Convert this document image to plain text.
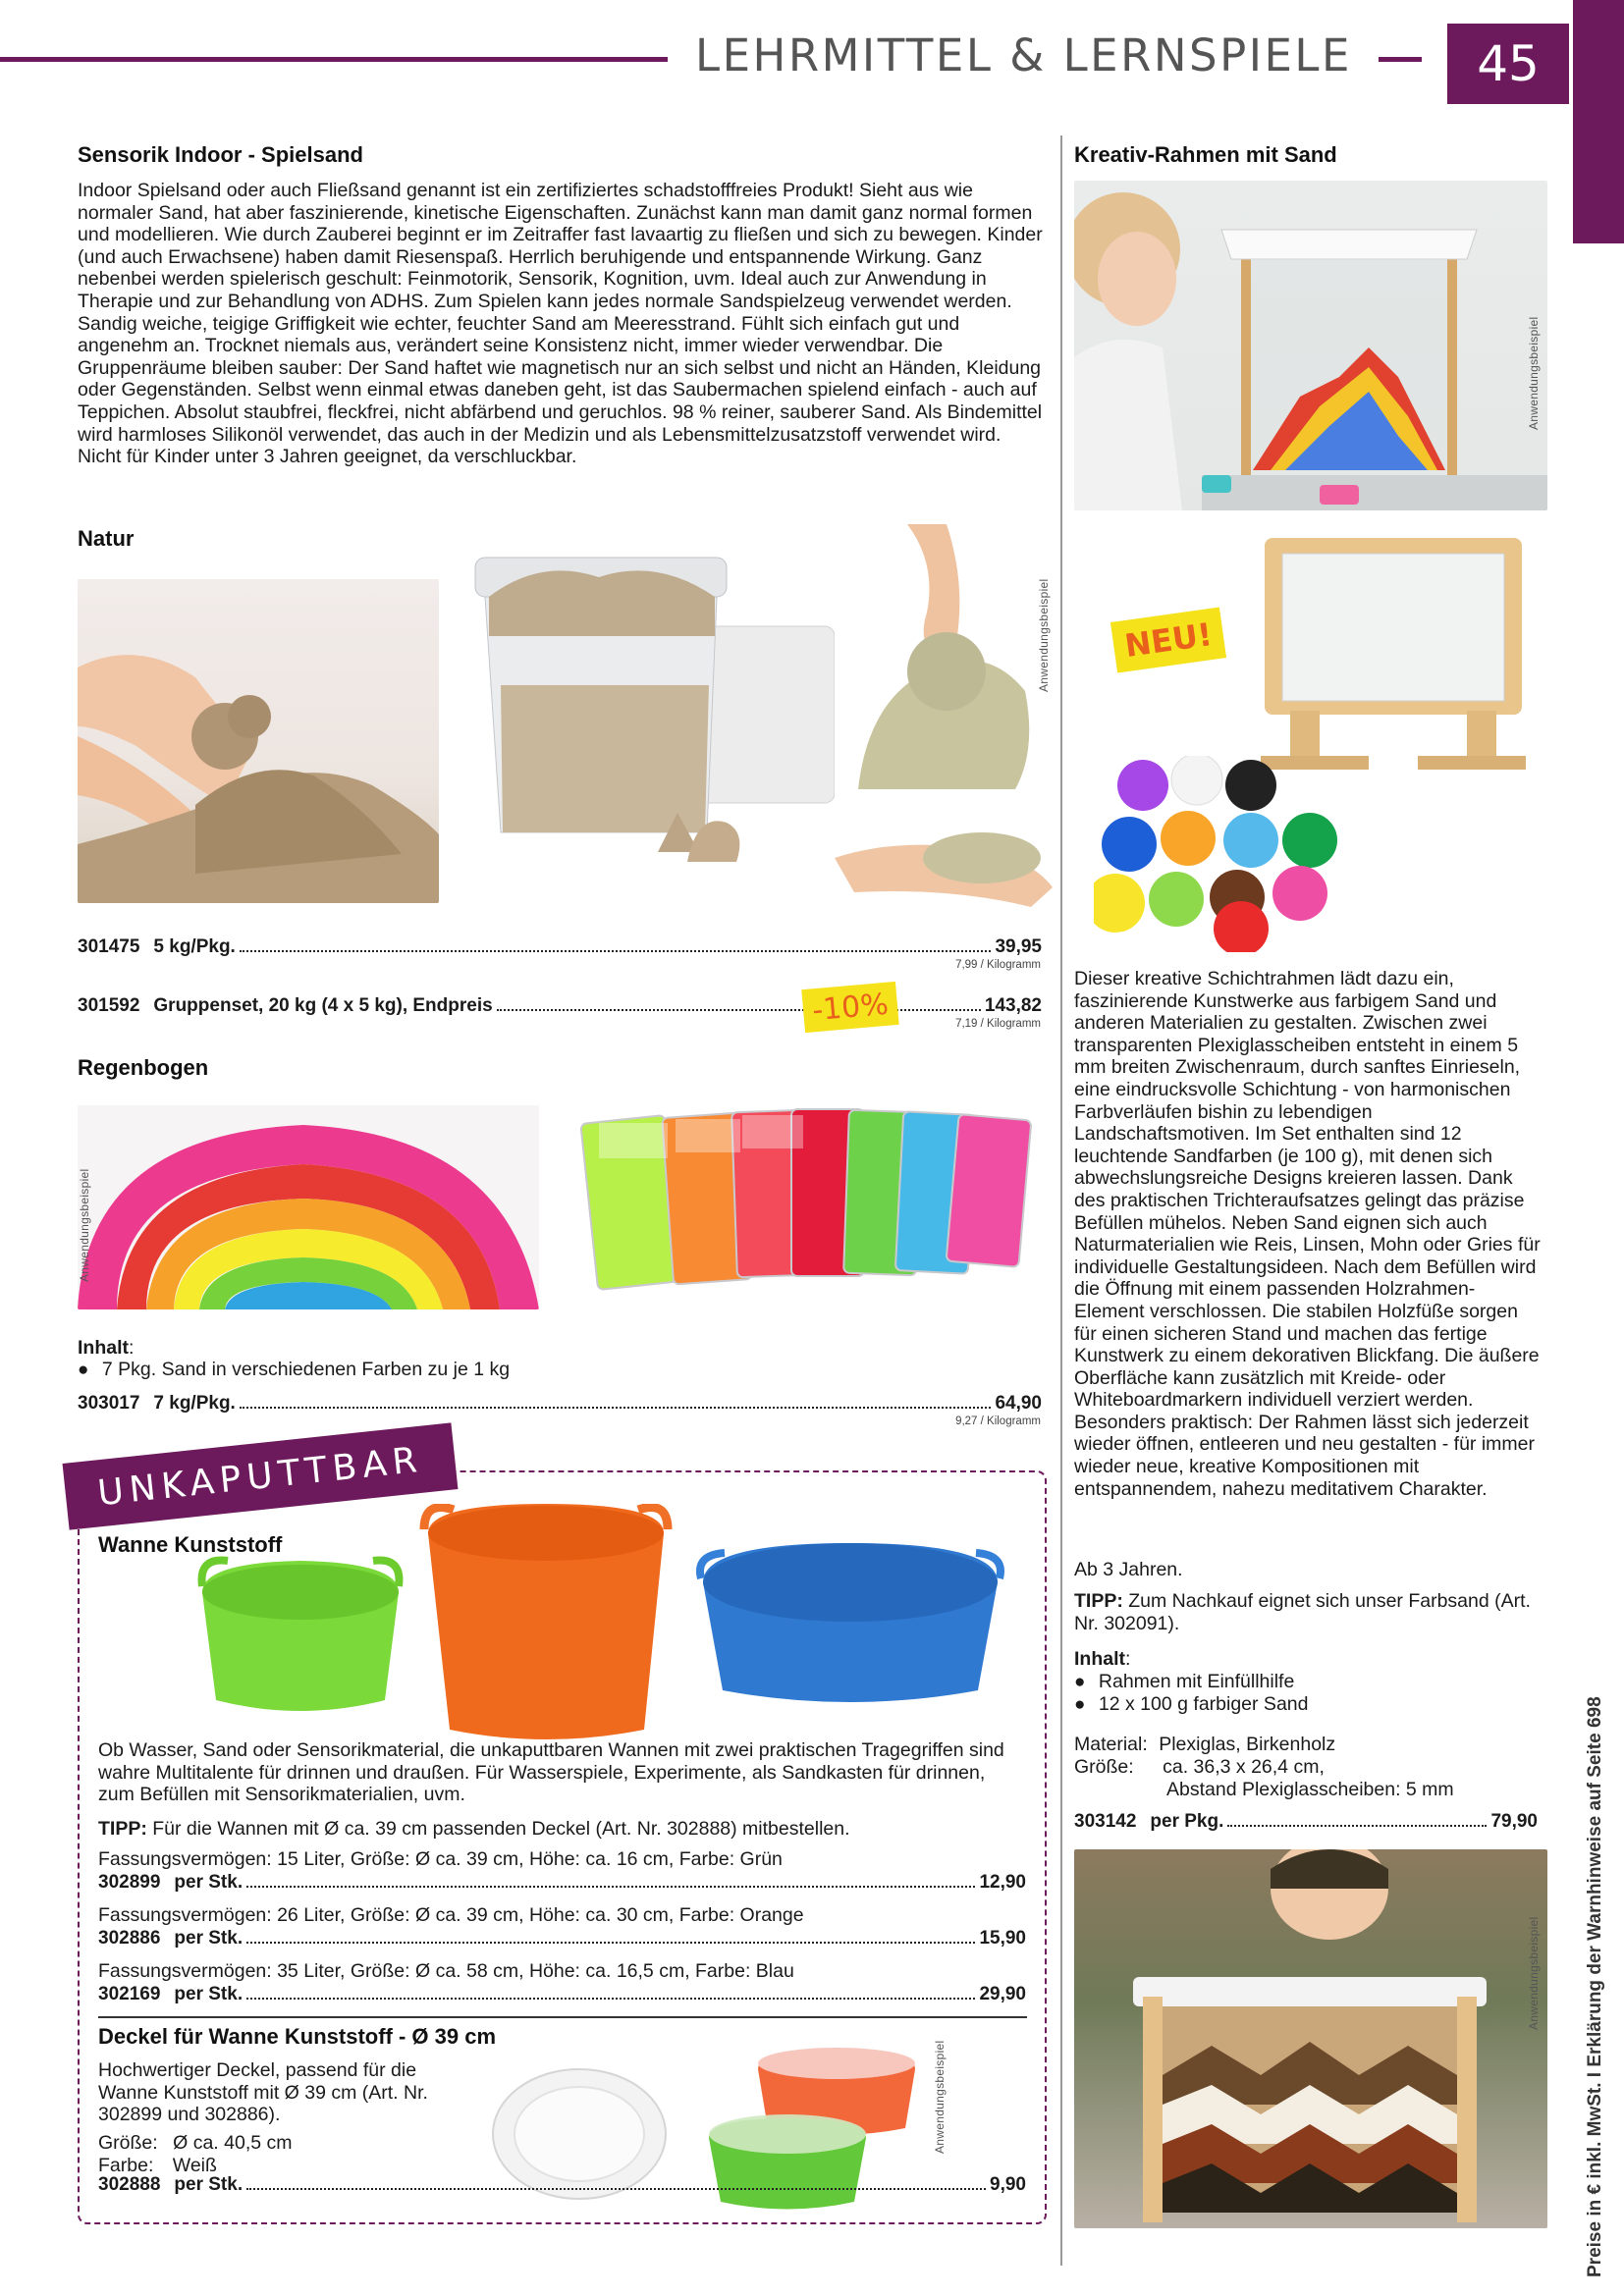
LEHRMITTEL & LERNSPIELE	45
Preise in € inkl. MwSt. I Erklärung der Warnhinweise auf Seite 698
Sensorik Indoor - Spielsand
Indoor Spielsand oder auch Fließsand genannt ist ein zertifiziertes schadstofffreies Produkt! Sieht aus wie normaler Sand, hat aber faszinierende, kinetische Eigenschaften. Zunächst kann man damit ganz normal formen und modellieren. Wie durch Zauberei beginnt er im Zeitraffer fast lavaartig zu fließen und sich zu bewegen. Kinder (und auch Erwachsene) haben damit Riesenspaß. Herrlich beruhigende und entspannende Wirkung. Ganz nebenbei werden spielerisch geschult: Feinmotorik, Sensorik, Kognition, uvm. Ideal auch zur Anwendung in Therapie und zur Behandlung von ADHS. Zum Spielen kann jedes normale Sandspielzeug verwendet werden. Sandig weiche, teigige Griffigkeit wie echter, feuchter Sand am Meeresstrand. Fühlt sich einfach gut und angenehm an. Trocknet niemals aus, verändert seine Konsistenz nicht, immer wieder verwendbar. Die Gruppenräume bleiben sauber: Der Sand haftet wie magnetisch nur an sich selbst und nicht an Händen, Kleidung oder Gegenständen. Selbst wenn einmal etwas daneben geht, ist das Saubermachen spielend einfach - auch auf Teppichen. Absolut staubfrei, fleckfrei, nicht abfärbend und geruchlos. 98 % reiner, sauberer Sand. Als Bindemittel wird harmloses Silikonöl verwendet, das auch in der Medizin und als Lebensmittelzusatzstoff verwendet wird. Nicht für Kinder unter 3 Jahren geeignet, da verschluckbar.
Natur
Anwendungsbeispiel
301475 5 kg/Pkg.	39,95
7,99 / Kilogramm
301592 Gruppenset, 20 kg (4 x 5 kg), Endpreis	143,82
-10%	7,19 / Kilogramm
Regenbogen
Anwendungsbeispiel
Inhalt:
● 7 Pkg. Sand in verschiedenen Farben zu je 1 kg
303017 7 kg/Pkg.	64,90
9,27 / Kilogramm
UNKAPUTTBAR
Wanne Kunststoff
Ob Wasser, Sand oder Sensorikmaterial, die unkaputtbaren Wannen mit zwei praktischen Tragegriffen sind wahre Multitalente für drinnen und draußen. Für Wasserspiele, Experimente, als Sandkasten für drinnen, zum Befüllen mit Sensorikmaterialien, uvm.
TIPP: Für die Wannen mit Ø ca. 39 cm passenden Deckel (Art. Nr. 302888) mitbestellen.
Fassungsvermögen: 15 Liter, Größe: Ø ca. 39 cm, Höhe: ca. 16 cm, Farbe: Grün
302899 per Stk.	12,90
Fassungsvermögen: 26 Liter, Größe: Ø ca. 39 cm, Höhe: ca. 30 cm, Farbe: Orange
302886 per Stk.	15,90
Fassungsvermögen: 35 Liter, Größe: Ø ca. 58 cm, Höhe: ca. 16,5 cm, Farbe: Blau
302169 per Stk.	29,90
Deckel für Wanne Kunststoff - Ø 39 cm
Hochwertiger Deckel, passend für die Wanne Kunststoff mit Ø 39 cm (Art. Nr. 302899 und 302886).
Größe: Ø ca. 40,5 cm
Farbe: Weiß
Anwendungsbeispiel
302888 per Stk.	9,90
Kreativ-Rahmen mit Sand
Anwendungsbeispiel
NEU!
Dieser kreative Schichtrahmen lädt dazu ein, faszinierende Kunstwerke aus farbigem Sand und anderen Materialien zu gestalten. Zwischen zwei transparenten Plexiglasscheiben entsteht in einem 5 mm breiten Zwischenraum, durch sanftes Einrieseln, eine eindrucksvolle Schichtung - von harmonischen Farbverläufen bishin zu lebendigen Landschaftsmotiven. Im Set enthalten sind 12 leuchtende Sandfarben (je 100 g), mit denen sich abwechslungsreiche Designs kreieren lassen. Dank des praktischen Trichteraufsatzes gelingt das präzise Befüllen mühelos. Neben Sand eignen sich auch Naturmaterialien wie Reis, Linsen, Mohn oder Gries für individuelle Gestaltungsideen. Nach dem Befüllen wird die Öffnung mit einem passenden Holzrahmen-Element verschlossen. Die stabilen Holzfüße sorgen für einen sicheren Stand und machen das fertige Kunstwerk zu einem dekorativen Blickfang. Die äußere Oberfläche kann zusätzlich mit Kreide- oder Whiteboardmarkern individuell verziert werden. Besonders praktisch: Der Rahmen lässt sich jederzeit wieder öffnen, entleeren und neu gestalten - für immer wieder neue, kreative Kompositionen mit entspannendem, nahezu meditativem Charakter.
Ab 3 Jahren.
TIPP: Zum Nachkauf eignet sich unser Farbsand (Art. Nr. 302091).
Inhalt:
● Rahmen mit Einfüllhilfe
● 12 x 100 g farbiger Sand
Material: Plexiglas, Birkenholz
Größe: ca. 36,3 x 26,4 cm,
Abstand Plexiglasscheiben: 5 mm
303142 per Pkg.	79,90
Anwendungsbeispiel
